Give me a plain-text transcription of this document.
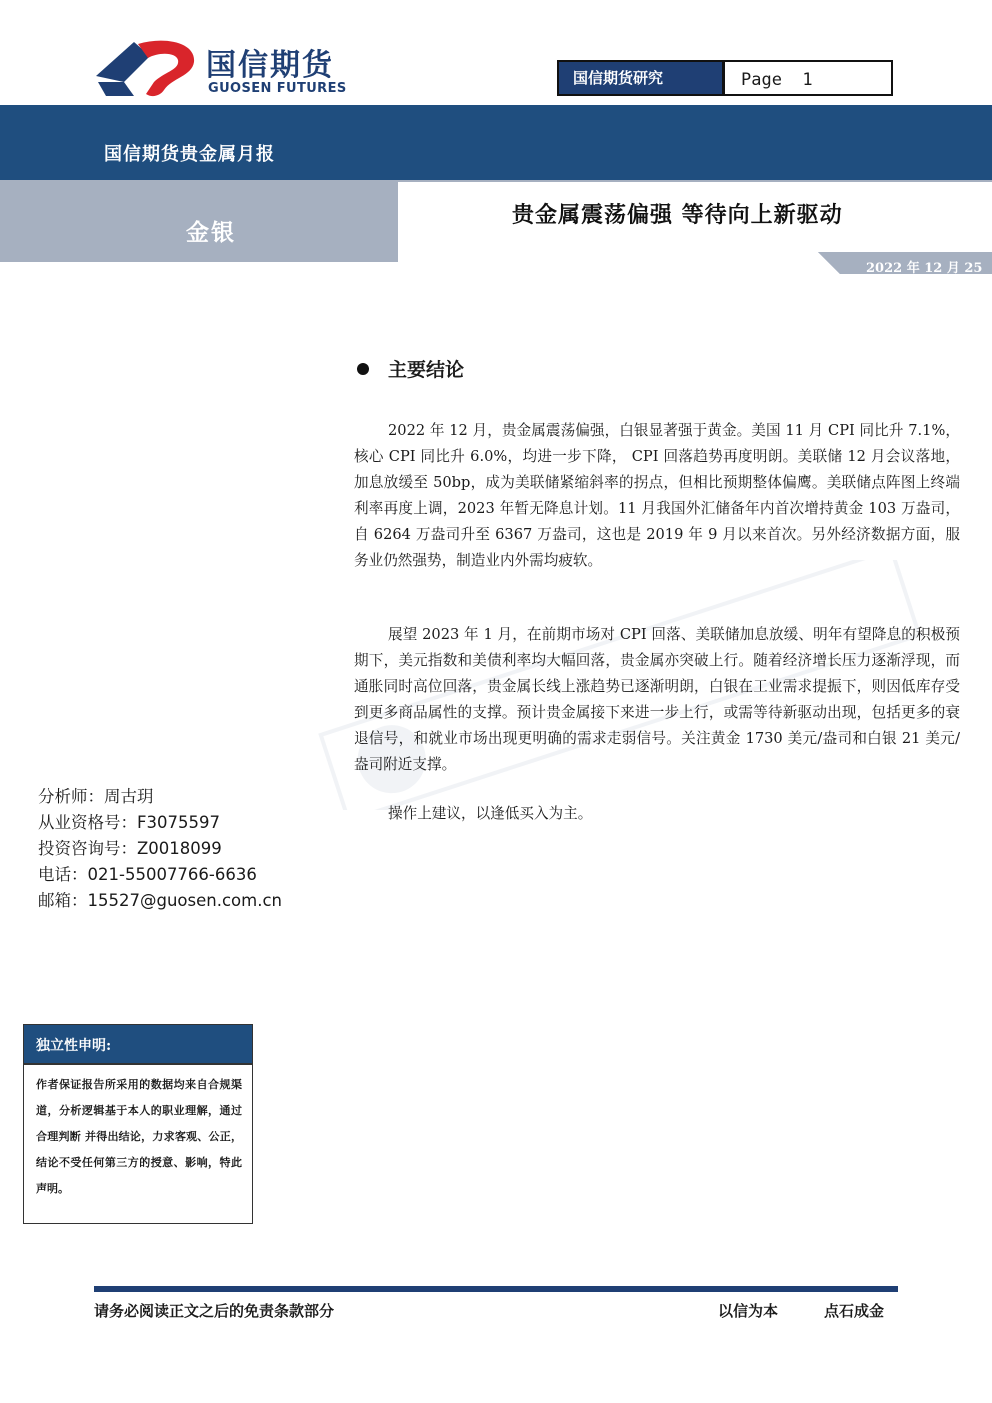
国信期货
GUOSEN FUTURES
国信期货研究	Page  1
国信期货贵金属月报
金银
贵金属震荡偏强 等待向上新驱动
2022 年 12 月 25 日
主要结论

2022 年 12 月，贵金属震荡偏强，白银显著强于黄金。美国 11 月 CPI 同比升 7.1%，核心 CPI 同比升 6.0%，均进一步下降， CPI 回落趋势再度明朗。美联储 12 月会议落地，加息放缓至 50bp，成为美联储紧缩斜率的拐点，但相比预期整体偏鹰。美联储点阵图上终端利率再度上调，2023 年暂无降息计划。11 月我国外汇储备年内首次增持黄金 103 万盎司，自 6264 万盎司升至 6367 万盎司，这也是 2019 年 9 月以来首次。另外经济数据方面，服务业仍然强势，制造业内外需均疲软。

展望 2023 年 1 月，在前期市场对 CPI 回落、美联储加息放缓、明年有望降息的积极预期下，美元指数和美债利率均大幅回落，贵金属亦突破上行。随着经济增长压力逐渐浮现，而通胀同时高位回落，贵金属长线上涨趋势已逐渐明朗，白银在工业需求提振下，则因低库存受到更多商品属性的支撑。预计贵金属接下来进一步上行，或需等待新驱动出现，包括更多的衰退信号，和就业市场出现更明确的需求走弱信号。关注黄金 1730 美元/盎司和白银 21 美元/盎司附近支撑。

操作上建议，以逢低买入为主。

分析师：周古玥
从业资格号：F3075597
投资咨询号：Z0018099
电话：021-55007766-6636
邮箱：15527@guosen.com.cn
独立性申明:
作者保证报告所采用的数据均来自合规渠道，分析逻辑基于本人的职业理解，通过合理判断 并得出结论，力求客观、公正，结论不受任何第三方的授意、影响，特此声明。
请务必阅读正文之后的免责条款部分	以信为本	点石成金
